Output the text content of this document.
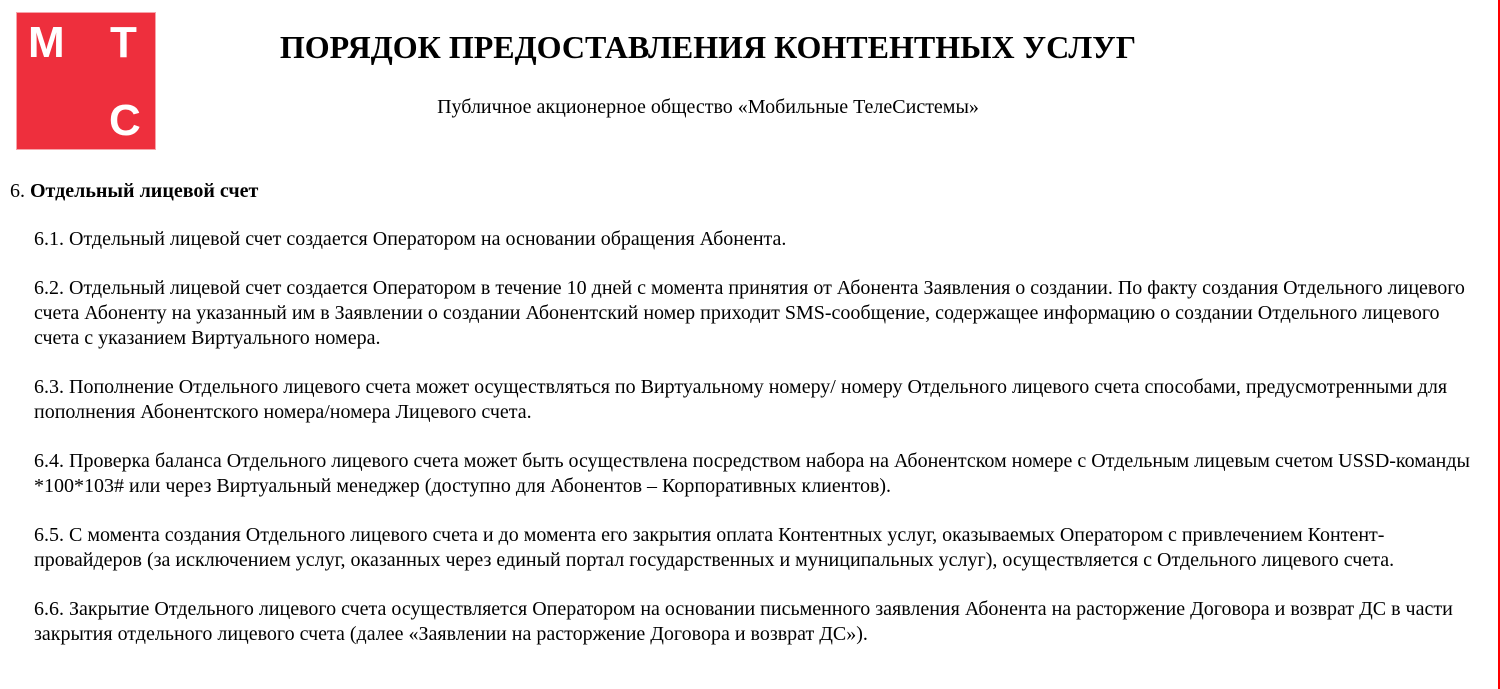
М Т
С
ПОРЯДОК ПРЕДОСТАВЛЕНИЯ КОНТЕНТНЫХ УСЛУГ

Публичное акционерное общество «Мобильные ТелеСистемы»

6. Отдельный лицевой счет

6.1. Отдельный лицевой счет создается Оператором на основании обращения Абонента.

6.2. Отдельный лицевой счет создается Оператором в течение 10 дней с момента принятия от Абонента Заявления о создании. По факту создания Отдельного лицевого счета Абоненту на указанный им в Заявлении о создании Абонентский номер приходит SMS-сообщение, содержащее информацию о создании Отдельного лицевого счета с указанием Виртуального номера.

6.3. Пополнение Отдельного лицевого счета может осуществляться по Виртуальному номеру/ номеру Отдельного лицевого счета способами, предусмотренными для пополнения Абонентского номера/номера Лицевого счета.

6.4. Проверка баланса Отдельного лицевого счета может быть осуществлена посредством набора на Абонентском номере с Отдельным лицевым счетом USSD-команды *100*103# или через Виртуальный менеджер (доступно для Абонентов – Корпоративных клиентов).

6.5. С момента создания Отдельного лицевого счета и до момента его закрытия оплата Контентных услуг, оказываемых Оператором с привлечением Контент-провайдеров (за исключением услуг, оказанных через единый портал государственных и муниципальных услуг), осуществляется с Отдельного лицевого счета.

6.6. Закрытие Отдельного лицевого счета осуществляется Оператором на основании письменного заявления Абонента на расторжение Договора и возврат ДС в части закрытия отдельного лицевого счета (далее «Заявлении на расторжение Договора и возврат ДС»).
